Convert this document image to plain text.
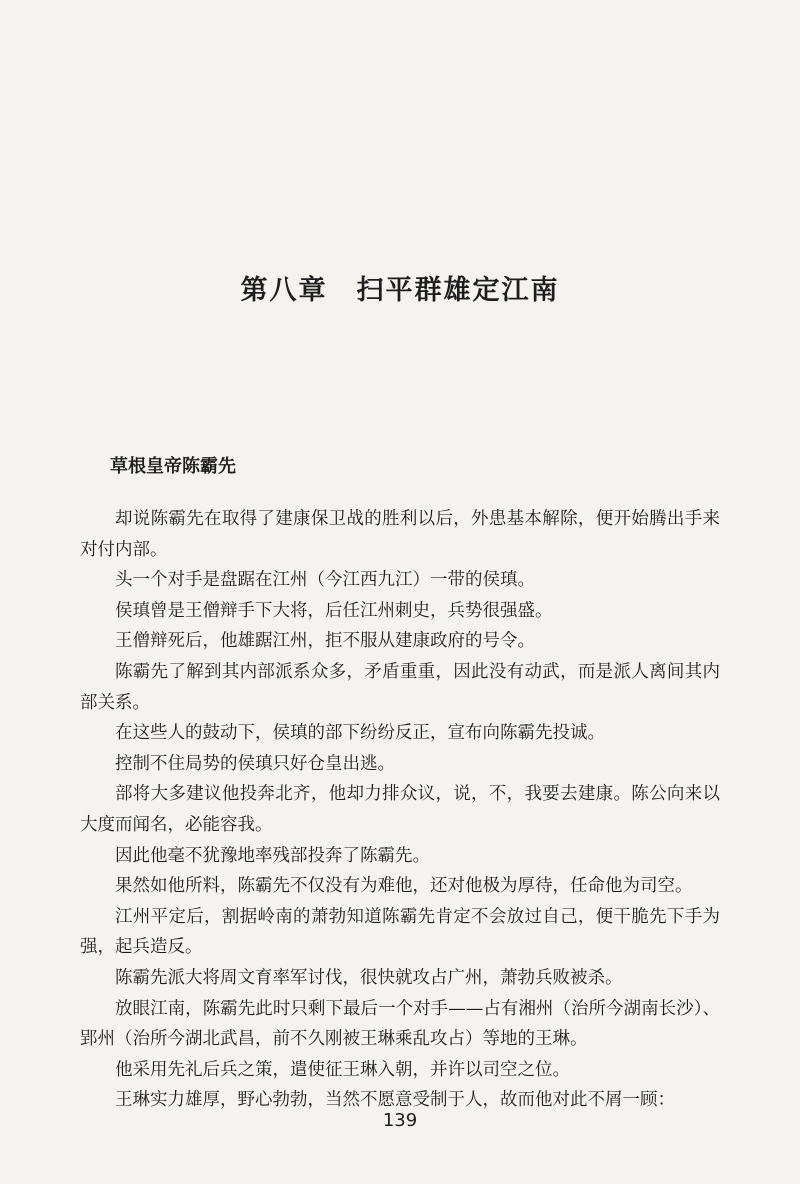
第八章　扫平群雄定江南
草根皇帝陈霸先

却说陈霸先在取得了建康保卫战的胜利以后，外患基本解除，便开始腾出手来对付内部。

头一个对手是盘踞在江州（今江西九江）一带的侯瑱。

侯瑱曾是王僧辩手下大将，后任江州刺史，兵势很强盛。

王僧辩死后，他雄踞江州，拒不服从建康政府的号令。

陈霸先了解到其内部派系众多，矛盾重重，因此没有动武，而是派人离间其内部关系。

在这些人的鼓动下，侯瑱的部下纷纷反正，宣布向陈霸先投诚。

控制不住局势的侯瑱只好仓皇出逃。

部将大多建议他投奔北齐，他却力排众议，说，不，我要去建康。陈公向来以大度而闻名，必能容我。

因此他毫不犹豫地率残部投奔了陈霸先。

果然如他所料，陈霸先不仅没有为难他，还对他极为厚待，任命他为司空。

江州平定后，割据岭南的萧勃知道陈霸先肯定不会放过自己，便干脆先下手为强，起兵造反。

陈霸先派大将周文育率军讨伐，很快就攻占广州，萧勃兵败被杀。

放眼江南，陈霸先此时只剩下最后一个对手——占有湘州（治所今湖南长沙）、郢州（治所今湖北武昌，前不久刚被王琳乘乱攻占）等地的王琳。

他采用先礼后兵之策，遣使征王琳入朝，并许以司空之位。

王琳实力雄厚，野心勃勃，当然不愿意受制于人，故而他对此不屑一顾：

139
